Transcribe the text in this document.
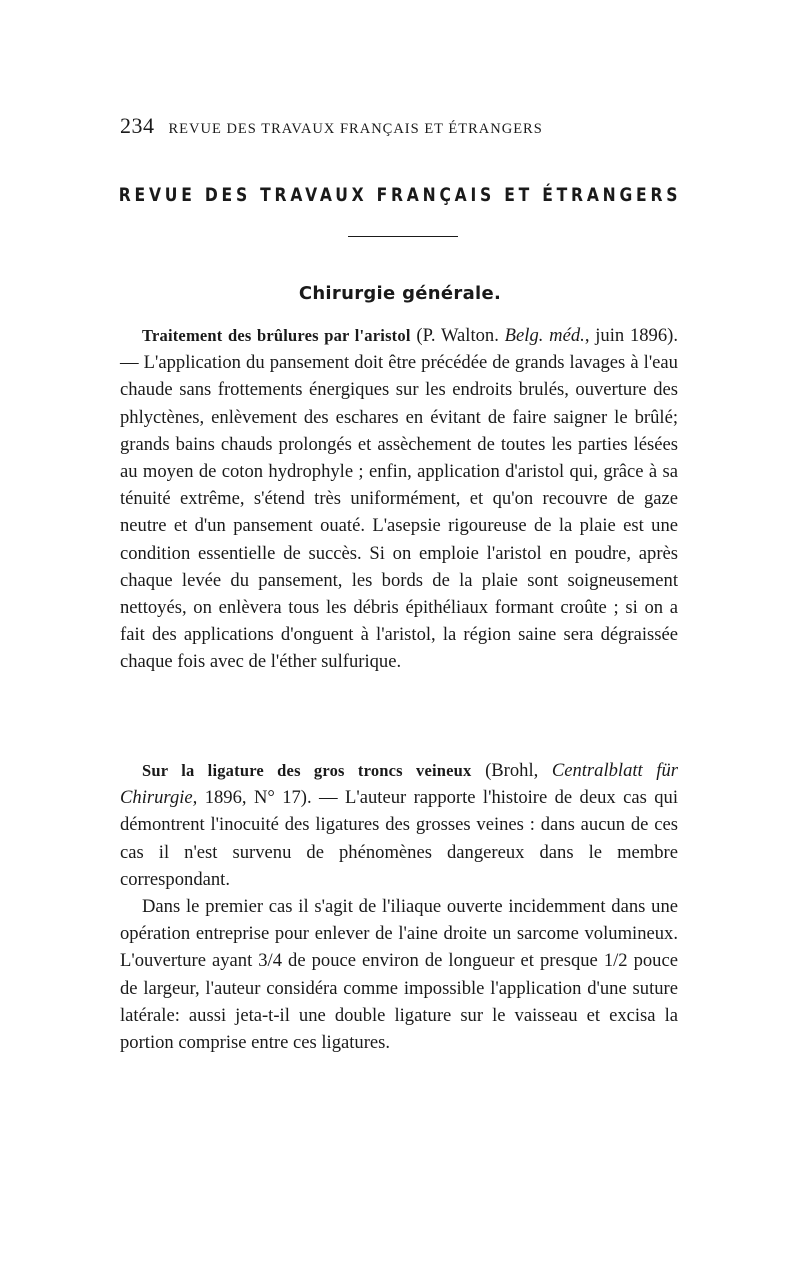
234 REVUE DES TRAVAUX FRANÇAIS ET ÉTRANGERS
REVUE DES TRAVAUX FRANÇAIS ET ÉTRANGERS
Chirurgie générale.

Traitement des brûlures par l'aristol (P. Walton. Belg. méd., juin 1896). — L'application du pansement doit être précédée de grands lavages à l'eau chaude sans frottements énergiques sur les endroits brulés, ouverture des phlyctènes, enlèvement des eschares en évitant de faire saigner le brûlé; grands bains chauds prolongés et assèchement de toutes les parties lésées au moyen de coton hydrophyle ; enfin, application d'aristol qui, grâce à sa ténuité extrême, s'étend très uniformément, et qu'on recouvre de gaze neutre et d'un pansement ouaté. L'asepsie rigoureuse de la plaie est une condition essentielle de succès. Si on emploie l'aristol en poudre, après chaque levée du pansement, les bords de la plaie sont soigneusement nettoyés, on enlèvera tous les débris épithéliaux formant croûte ; si on a fait des applications d'onguent à l'aristol, la région saine sera dégraissée chaque fois avec de l'éther sulfurique.

Sur la ligature des gros troncs veineux (Brohl, Centralblatt für Chirurgie, 1896, N° 17). — L'auteur rapporte l'histoire de deux cas qui démontrent l'inocuité des ligatures des grosses veines : dans aucun de ces cas il n'est survenu de phénomènes dangereux dans le membre correspondant.

Dans le premier cas il s'agit de l'iliaque ouverte incidemment dans une opération entreprise pour enlever de l'aine droite un sarcome volumineux. L'ouverture ayant 3/4 de pouce environ de longueur et presque 1/2 pouce de largeur, l'auteur considéra comme impossible l'application d'une suture latérale: aussi jeta-t-il une double ligature sur le vaisseau et excisa la portion comprise entre ces ligatures.
